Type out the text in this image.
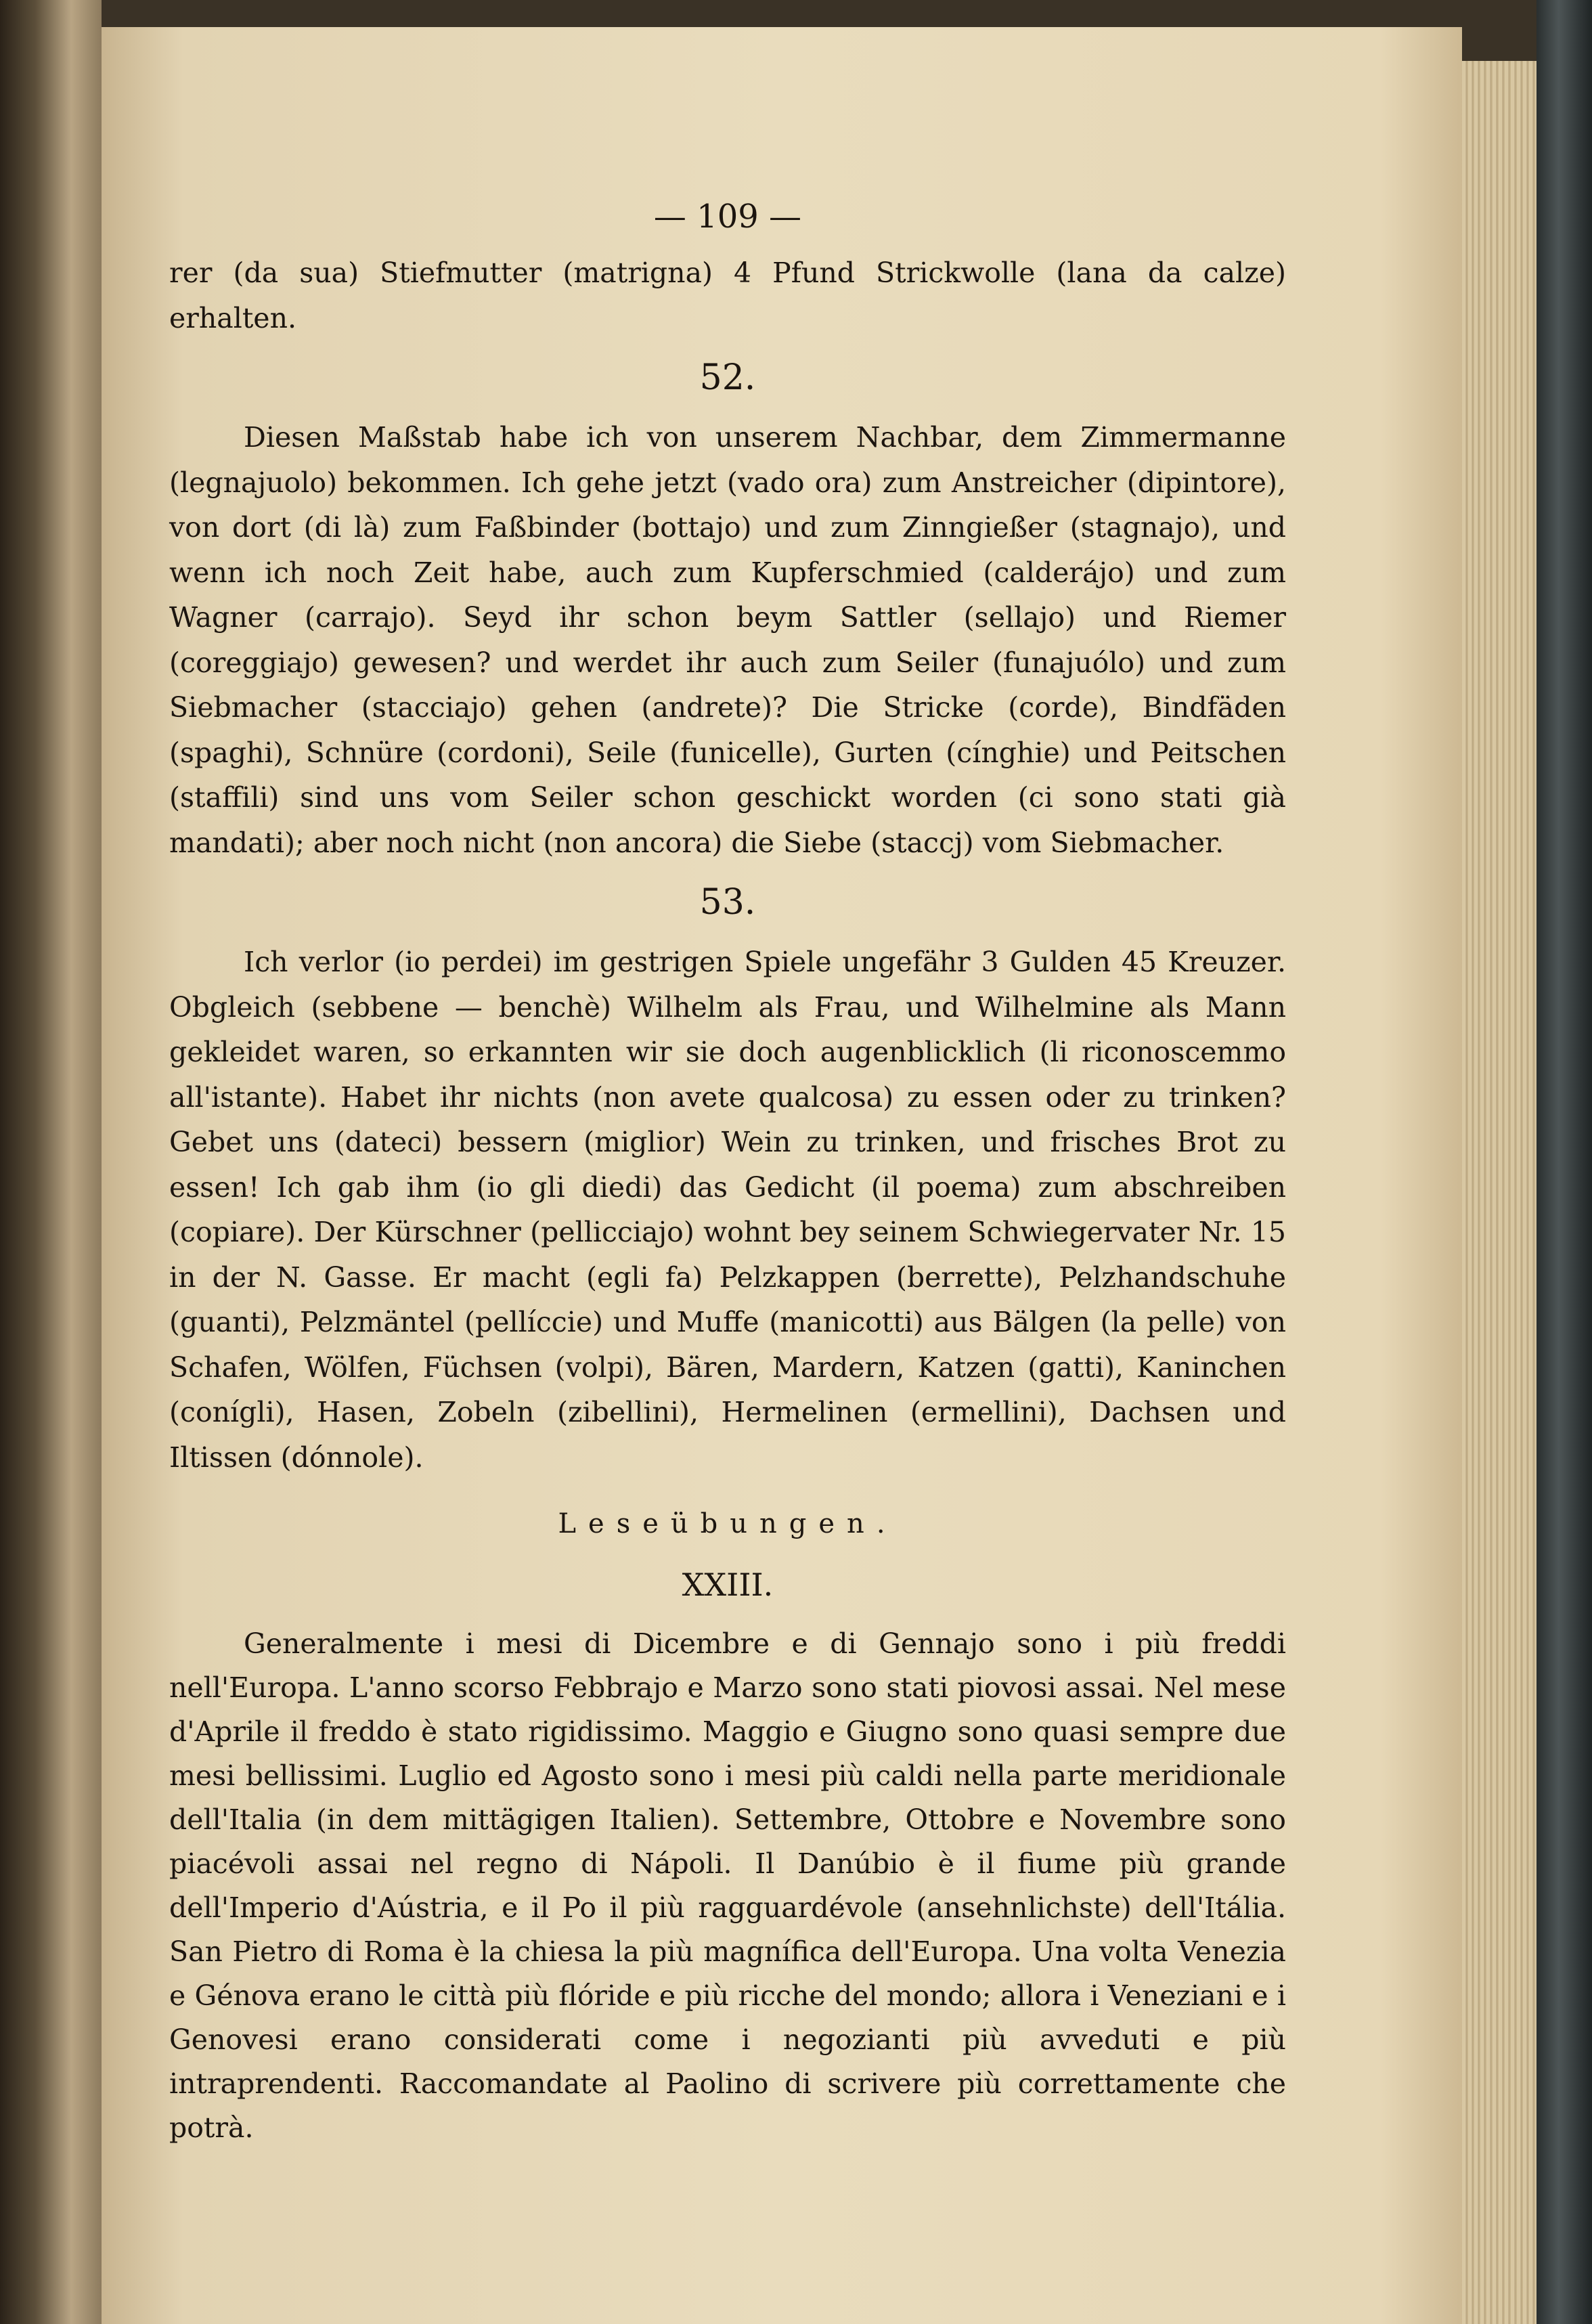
— 109 —

rer (da sua) Stiefmutter (matrigna) 4 Pfund Strickwolle (lana da calze) erhalten.

52.

Diesen Maßstab habe ich von unserem Nachbar, dem Zimmermanne (legnajuolo) bekommen. Ich gehe jetzt (vado ora) zum Anstreicher (dipintore), von dort (di là) zum Faßbinder (bottajo) und zum Zinngießer (stagnajo), und wenn ich noch Zeit habe, auch zum Kupferschmied (calderájo) und zum Wagner (carrajo). Seyd ihr schon beym Sattler (sellajo) und Riemer (coreggiajo) gewesen? und werdet ihr auch zum Seiler (funajuólo) und zum Siebmacher (stacciajo) gehen (andrete)? Die Stricke (corde), Bindfäden (spaghi), Schnüre (cordoni), Seile (funicelle), Gurten (cínghie) und Peitschen (staffili) sind uns vom Seiler schon geschickt worden (ci sono stati già mandati); aber noch nicht (non ancora) die Siebe (staccj) vom Siebmacher.

53.

Ich verlor (io perdei) im gestrigen Spiele ungefähr 3 Gulden 45 Kreuzer. Obgleich (sebbene — benchè) Wilhelm als Frau, und Wilhelmine als Mann gekleidet waren, so erkannten wir sie doch augenblicklich (li riconoscemmo all'istante). Habet ihr nichts (non avete qualcosa) zu essen oder zu trinken? Gebet uns (dateci) bessern (miglior) Wein zu trinken, und frisches Brot zu essen! Ich gab ihm (io gli diedi) das Gedicht (il poema) zum abschreiben (copiare). Der Kürschner (pellicciajo) wohnt bey seinem Schwiegervater Nr. 15 in der N. Gasse. Er macht (egli fa) Pelzkappen (berrette), Pelzhandschuhe (guanti), Pelzmäntel (pellíccie) und Muffe (manicotti) aus Bälgen (la pelle) von Schafen, Wölfen, Füchsen (volpi), Bären, Mardern, Katzen (gatti), Kaninchen (conígli), Hasen, Zobeln (zibellini), Hermelinen (ermellini), Dachsen und Iltissen (dónnole).

Leseübungen.
XXIII.

Generalmente i mesi di Dicembre e di Gennajo sono i più freddi nell'Europa. L'anno scorso Febbrajo e Marzo sono stati piovosi assai. Nel mese d'Aprile il freddo è stato rigidissimo. Maggio e Giugno sono quasi sempre due mesi bellissimi. Luglio ed Agosto sono i mesi più caldi nella parte meridionale dell'Italia (in dem mittägigen Italien). Settembre, Ottobre e Novembre sono piacévoli assai nel regno di Nápoli. Il Danúbio è il fiume più grande dell'Imperio d'Aústria, e il Po il più ragguardévole (ansehnlichste) dell'Itália. San Pietro di Roma è la chiesa la più magnífica dell'Europa. Una volta Venezia e Génova erano le città più flóride e più ricche del mondo; allora i Veneziani e i Genovesi erano considerati come i negozianti più avveduti e più intraprendenti. Raccomandate al Paolino di scrivere più correttamente che potrà.
